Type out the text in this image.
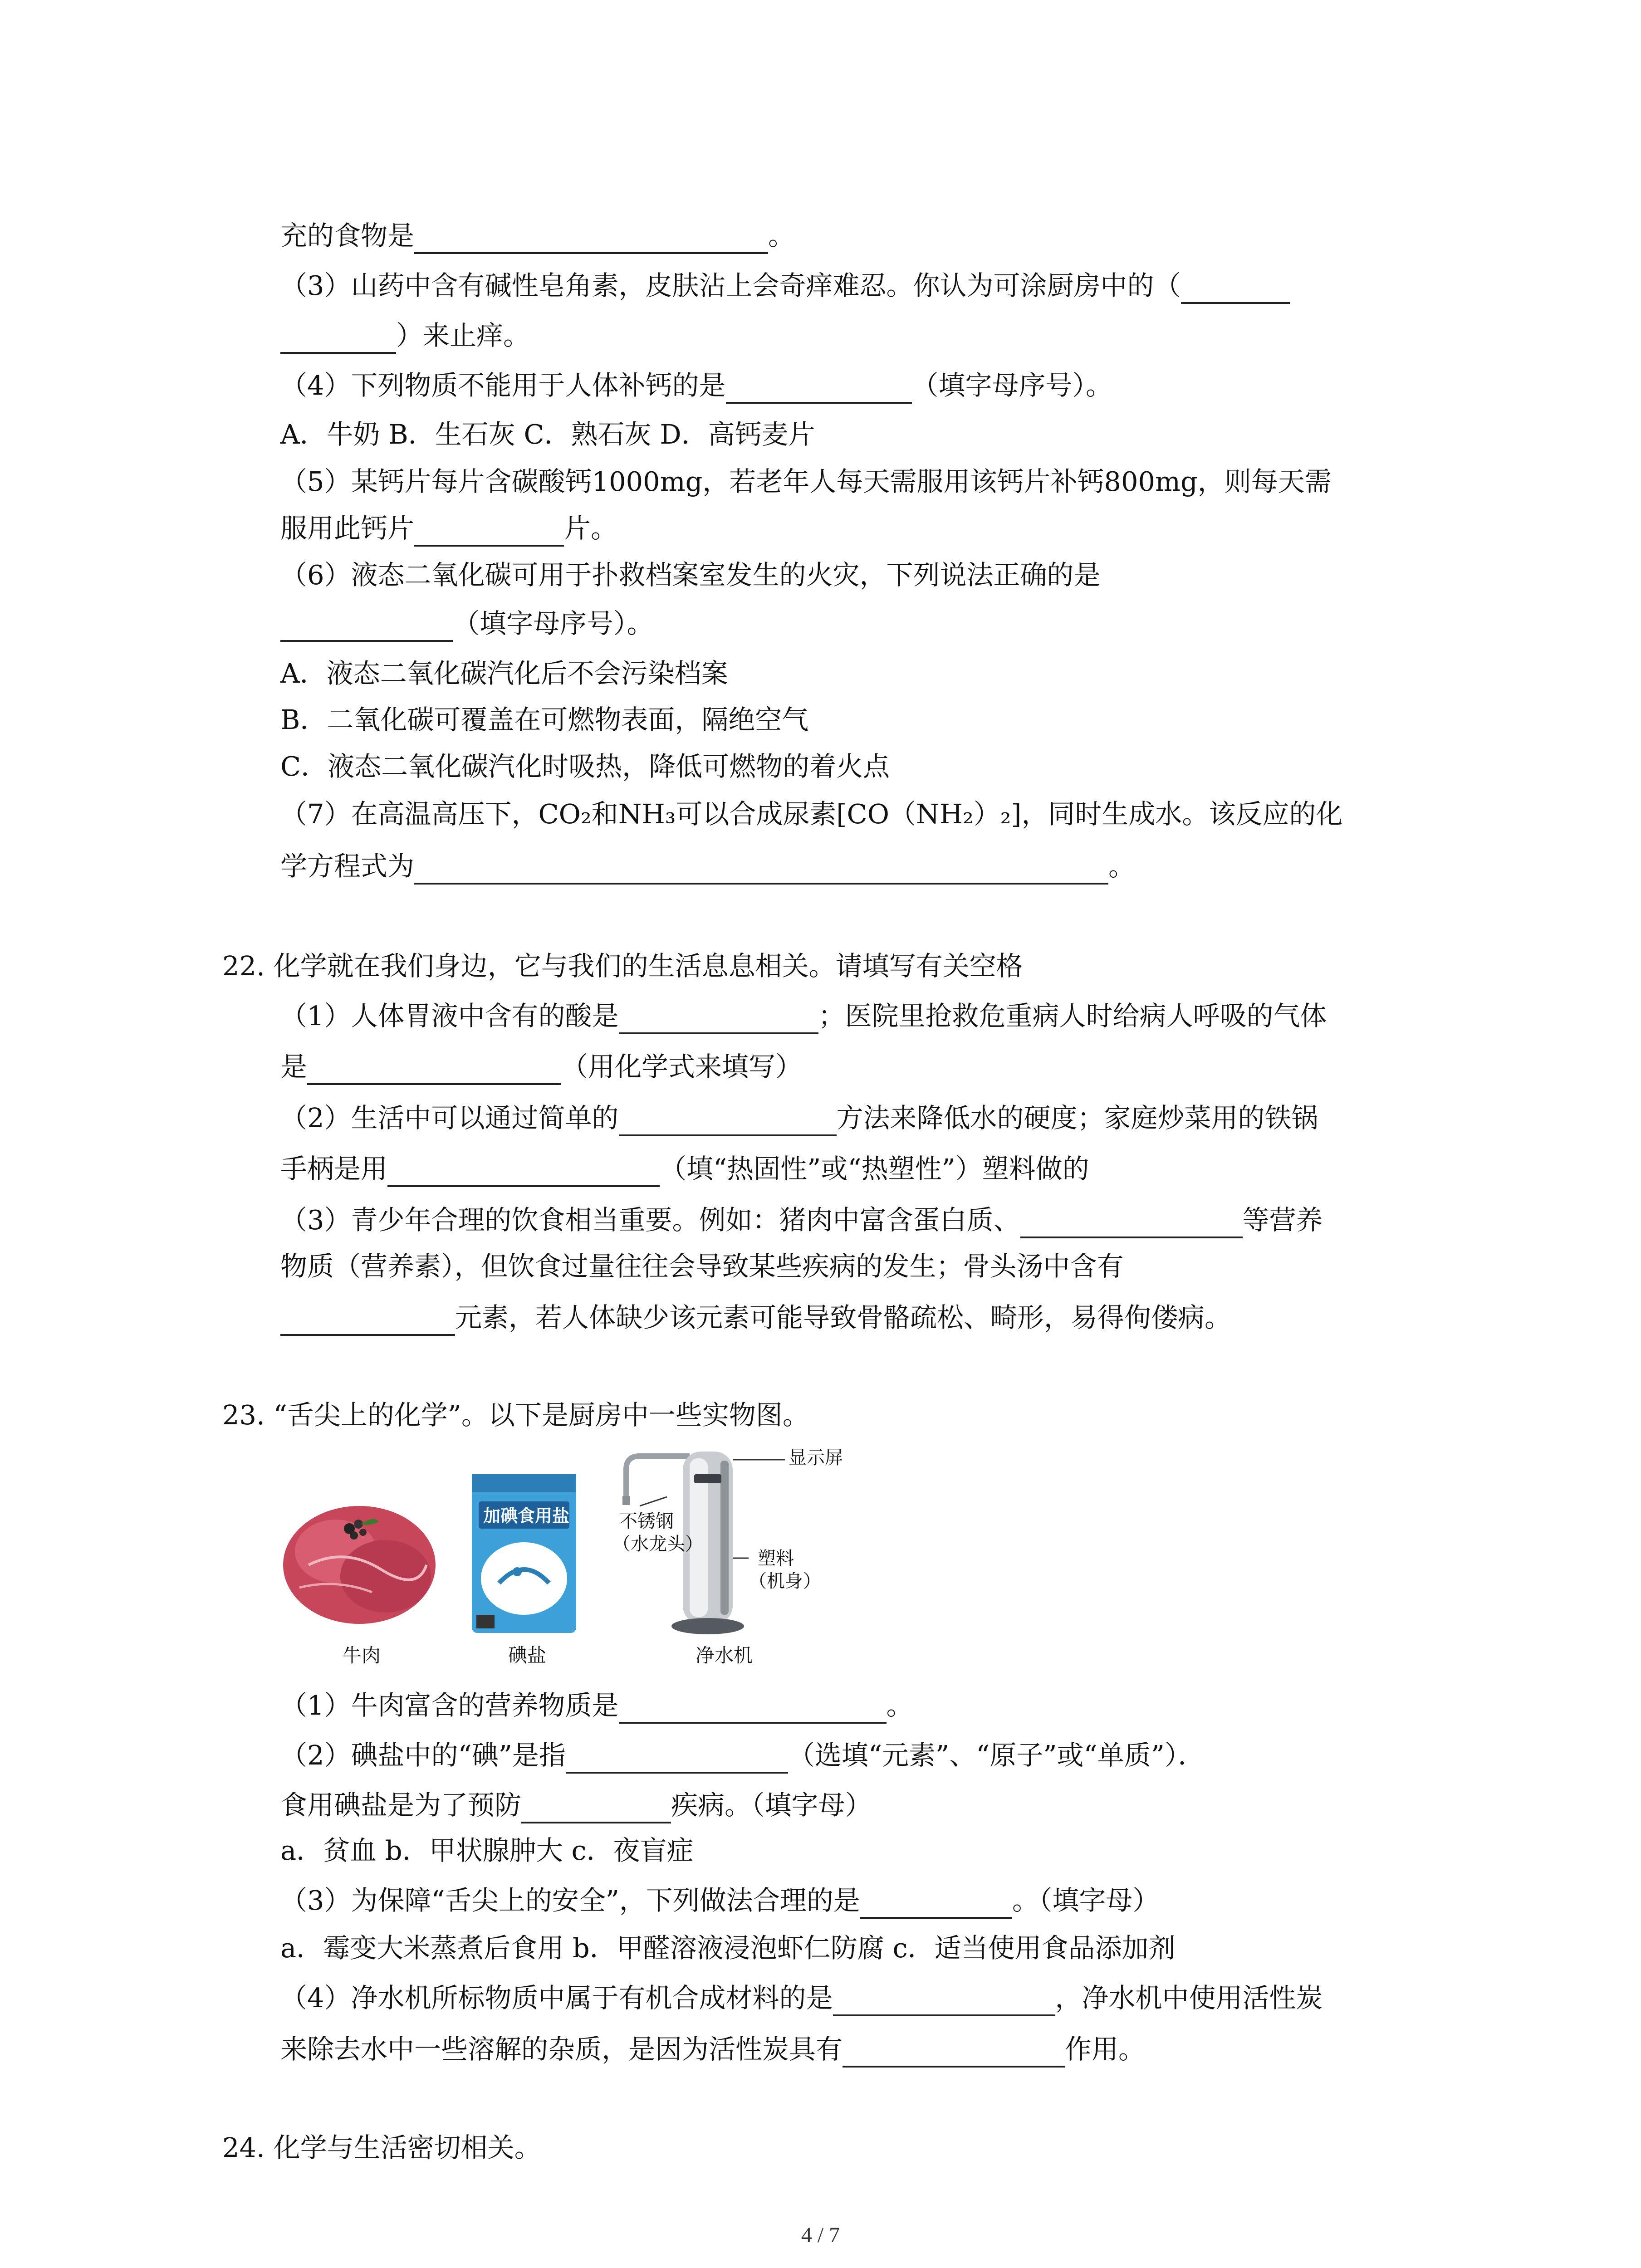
充的食物是	。
（3）山药中含有碱性皂角素，皮肤沾上会奇痒难忍。你认为可涂厨房中的（
）来止痒。
（4）下列物质不能用于人体补钙的是	（填字母序号）。
A．牛奶 B．生石灰 C．熟石灰 D．高钙麦片
（5）某钙片每片含碳酸钙1000mg，若老年人每天需服用该钙片补钙800mg，则每天需
服用此钙片	片。
（6）液态二氧化碳可用于扑救档案室发生的火灾，下列说法正确的是
（填字母序号）。
A．液态二氧化碳汽化后不会污染档案
B．二氧化碳可覆盖在可燃物表面，隔绝空气
C．液态二氧化碳汽化时吸热，降低可燃物的着火点
（7）在高温高压下，CO₂和NH₃可以合成尿素[CO（NH₂）₂]，同时生成水。该反应的化
学方程式为	。
22. 化学就在我们身边，它与我们的生活息息相关。请填写有关空格
（1）人体胃液中含有的酸是	；医院里抢救危重病人时给病人呼吸的气体
是	（用化学式来填写）
（2）生活中可以通过简单的	方法来降低水的硬度；家庭炒菜用的铁锅
手柄是用	（填“热固性”或“热塑性”）塑料做的
（3）青少年合理的饮食相当重要。例如：猪肉中富含蛋白质、	等营养
物质（营养素），但饮食过量往往会导致某些疾病的发生；骨头汤中含有
元素，若人体缺少该元素可能导致骨骼疏松、畸形，易得佝偻病。
23. “舌尖上的化学”。以下是厨房中一些实物图。
牛肉
加碘食用盐
碘盐
显示屏
不锈钢
（水龙头）
塑料
（机身）
净水机
（1）牛肉富含的营养物质是	。
（2）碘盐中的“碘”是指	（选填“元素”、“原子”或“单质”）．
食用碘盐是为了预防	疾病。（填字母）
a．贫血 b．甲状腺肿大 c．夜盲症
（3）为保障“舌尖上的安全”，下列做法合理的是	。（填字母）
a．霉变大米蒸煮后食用 b．甲醛溶液浸泡虾仁防腐 c．适当使用食品添加剂
（4）净水机所标物质中属于有机合成材料的是	，净水机中使用活性炭
来除去水中一些溶解的杂质，是因为活性炭具有	作用。
24. 化学与生活密切相关。
4 / 7
